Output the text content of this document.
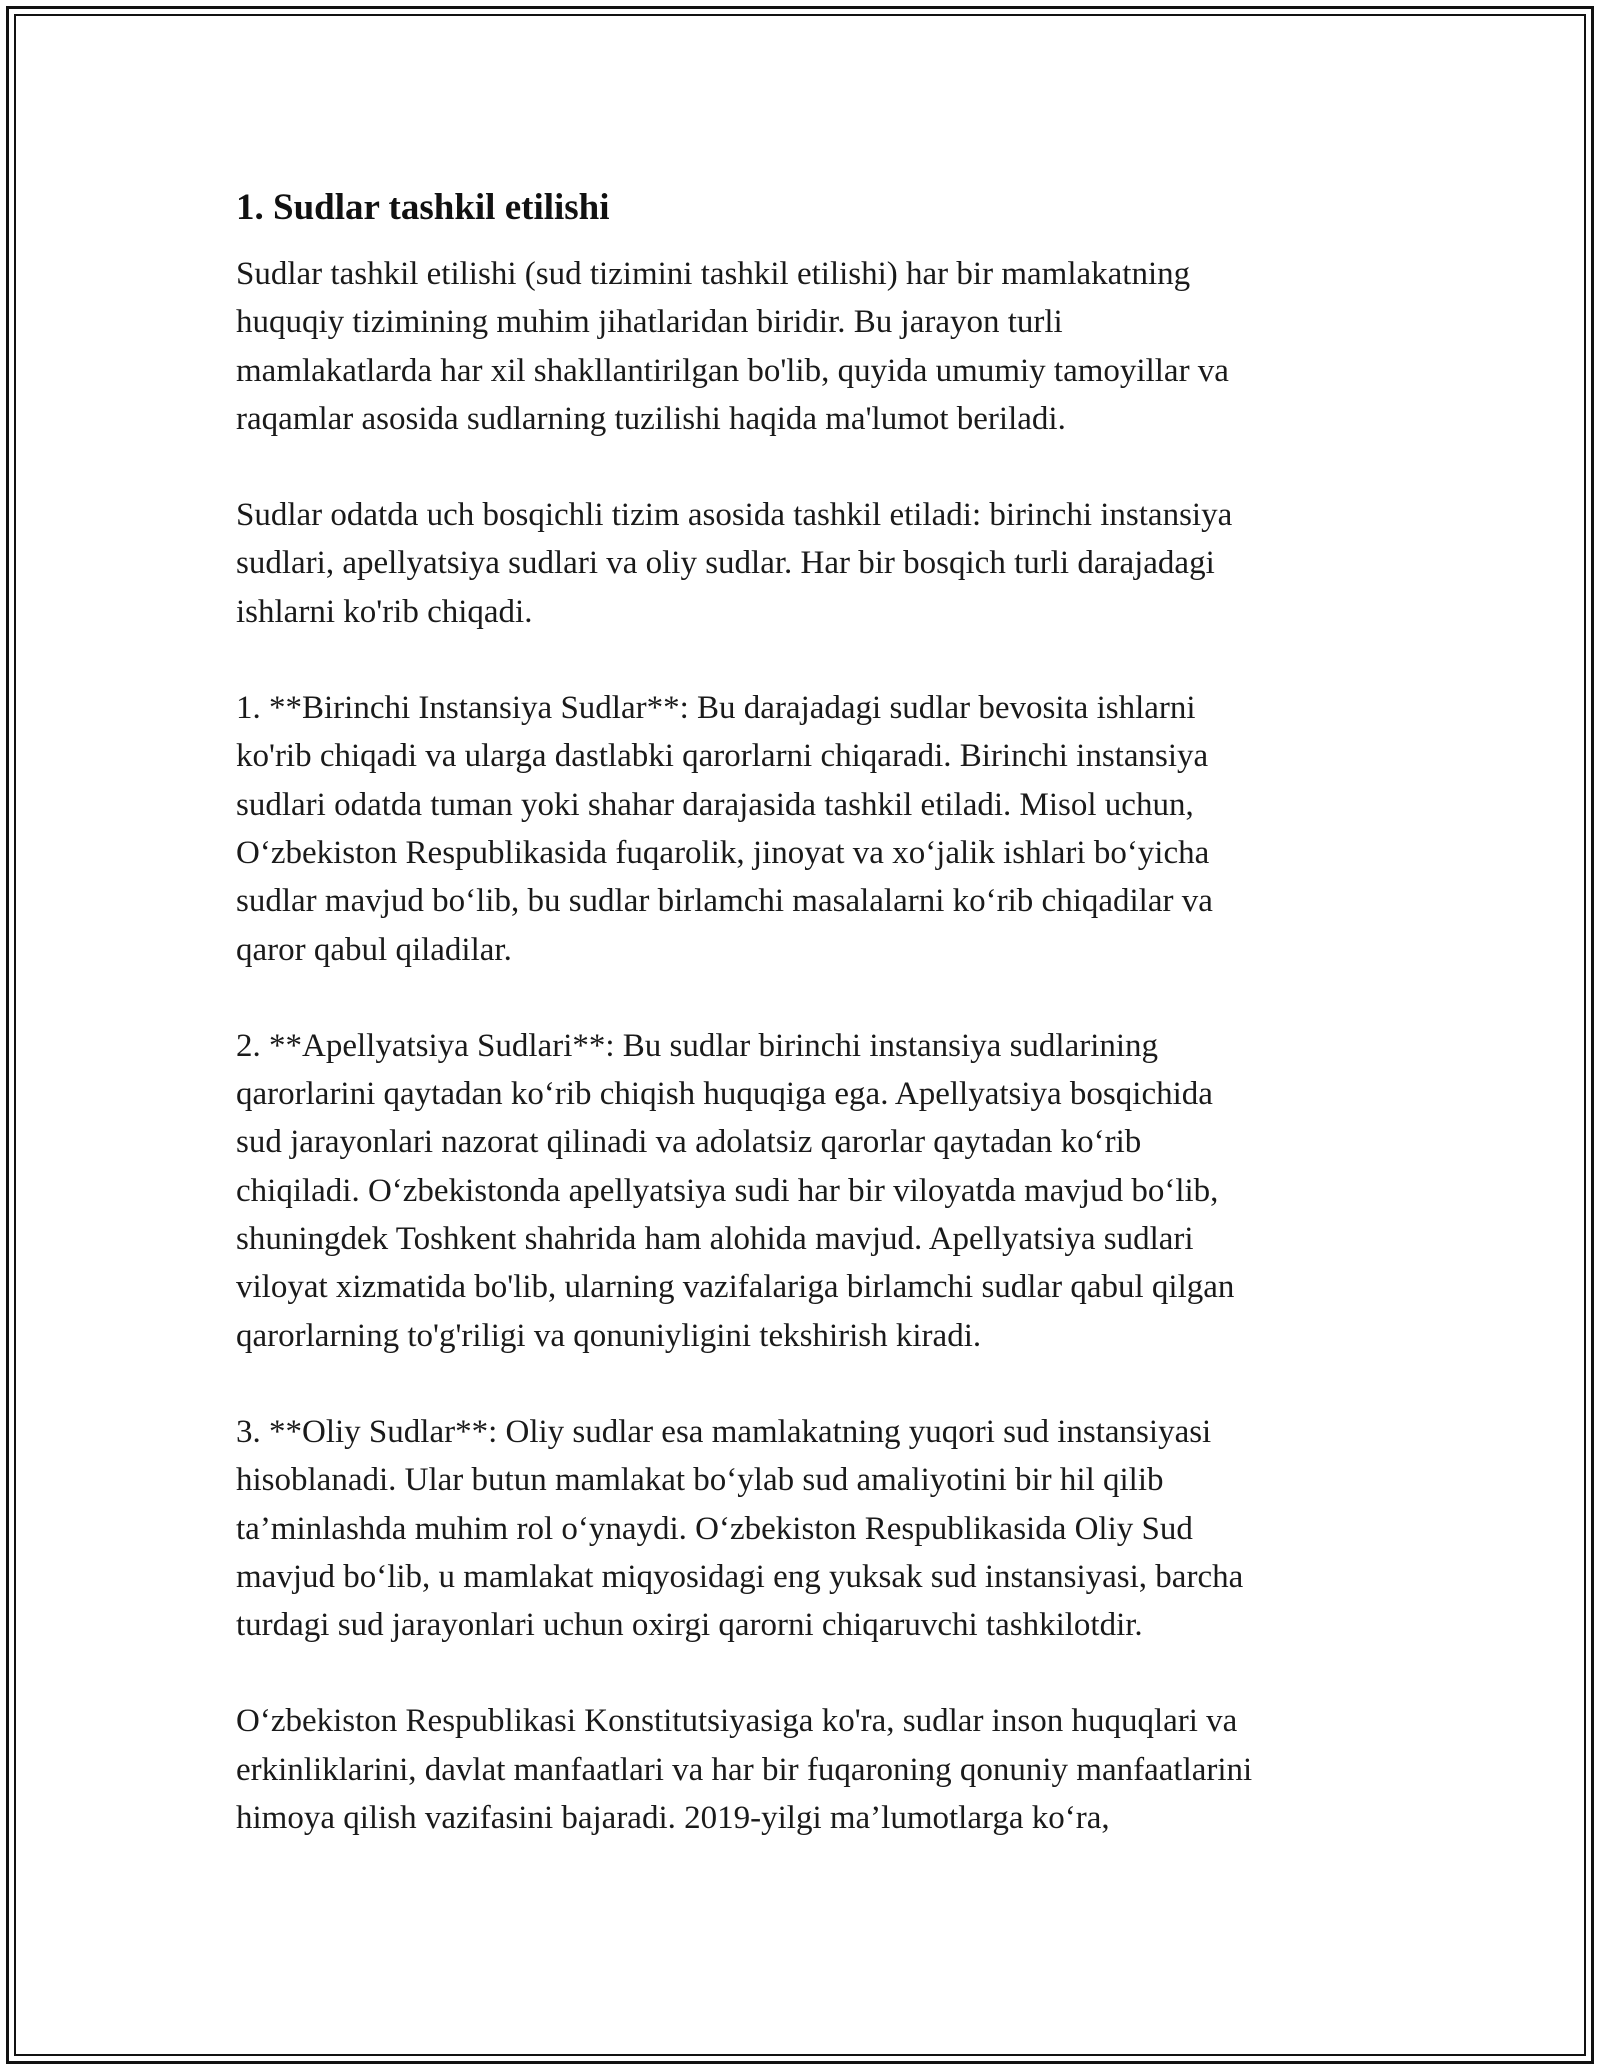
1. Sudlar tashkil etilishi

Sudlar tashkil etilishi (sud tizimini tashkil etilishi) har bir mamlakatning
huquqiy tizimining muhim jihatlaridan biridir. Bu jarayon turli
mamlakatlarda har xil shakllantirilgan bo'lib, quyida umumiy tamoyillar va
raqamlar asosida sudlarning tuzilishi haqida ma'lumot beriladi.

Sudlar odatda uch bosqichli tizim asosida tashkil etiladi: birinchi instansiya
sudlari, apellyatsiya sudlari va oliy sudlar. Har bir bosqich turli darajadagi
ishlarni ko'rib chiqadi.

1. **Birinchi Instansiya Sudlar**: Bu darajadagi sudlar bevosita ishlarni
ko'rib chiqadi va ularga dastlabki qarorlarni chiqaradi. Birinchi instansiya
sudlari odatda tuman yoki shahar darajasida tashkil etiladi. Misol uchun,
O‘zbekiston Respublikasida fuqarolik, jinoyat va xo‘jalik ishlari bo‘yicha
sudlar mavjud bo‘lib, bu sudlar birlamchi masalalarni ko‘rib chiqadilar va
qaror qabul qiladilar.

2. **Apellyatsiya Sudlari**: Bu sudlar birinchi instansiya sudlarining
qarorlarini qaytadan ko‘rib chiqish huquqiga ega. Apellyatsiya bosqichida
sud jarayonlari nazorat qilinadi va adolatsiz qarorlar qaytadan ko‘rib
chiqiladi. O‘zbekistonda apellyatsiya sudi har bir viloyatda mavjud bo‘lib,
shuningdek Toshkent shahrida ham alohida mavjud. Apellyatsiya sudlari
viloyat xizmatida bo'lib, ularning vazifalariga birlamchi sudlar qabul qilgan
qarorlarning to'g'riligi va qonuniyligini tekshirish kiradi.

3. **Oliy Sudlar**: Oliy sudlar esa mamlakatning yuqori sud instansiyasi
hisoblanadi. Ular butun mamlakat bo‘ylab sud amaliyotini bir hil qilib
ta’minlashda muhim rol o‘ynaydi. O‘zbekiston Respublikasida Oliy Sud
mavjud bo‘lib, u mamlakat miqyosidagi eng yuksak sud instansiyasi, barcha
turdagi sud jarayonlari uchun oxirgi qarorni chiqaruvchi tashkilotdir.

O‘zbekiston Respublikasi Konstitutsiyasiga ko'ra, sudlar inson huquqlari va
erkinliklarini, davlat manfaatlari va har bir fuqaroning qonuniy manfaatlarini
himoya qilish vazifasini bajaradi. 2019-yilgi ma’lumotlarga ko‘ra,
